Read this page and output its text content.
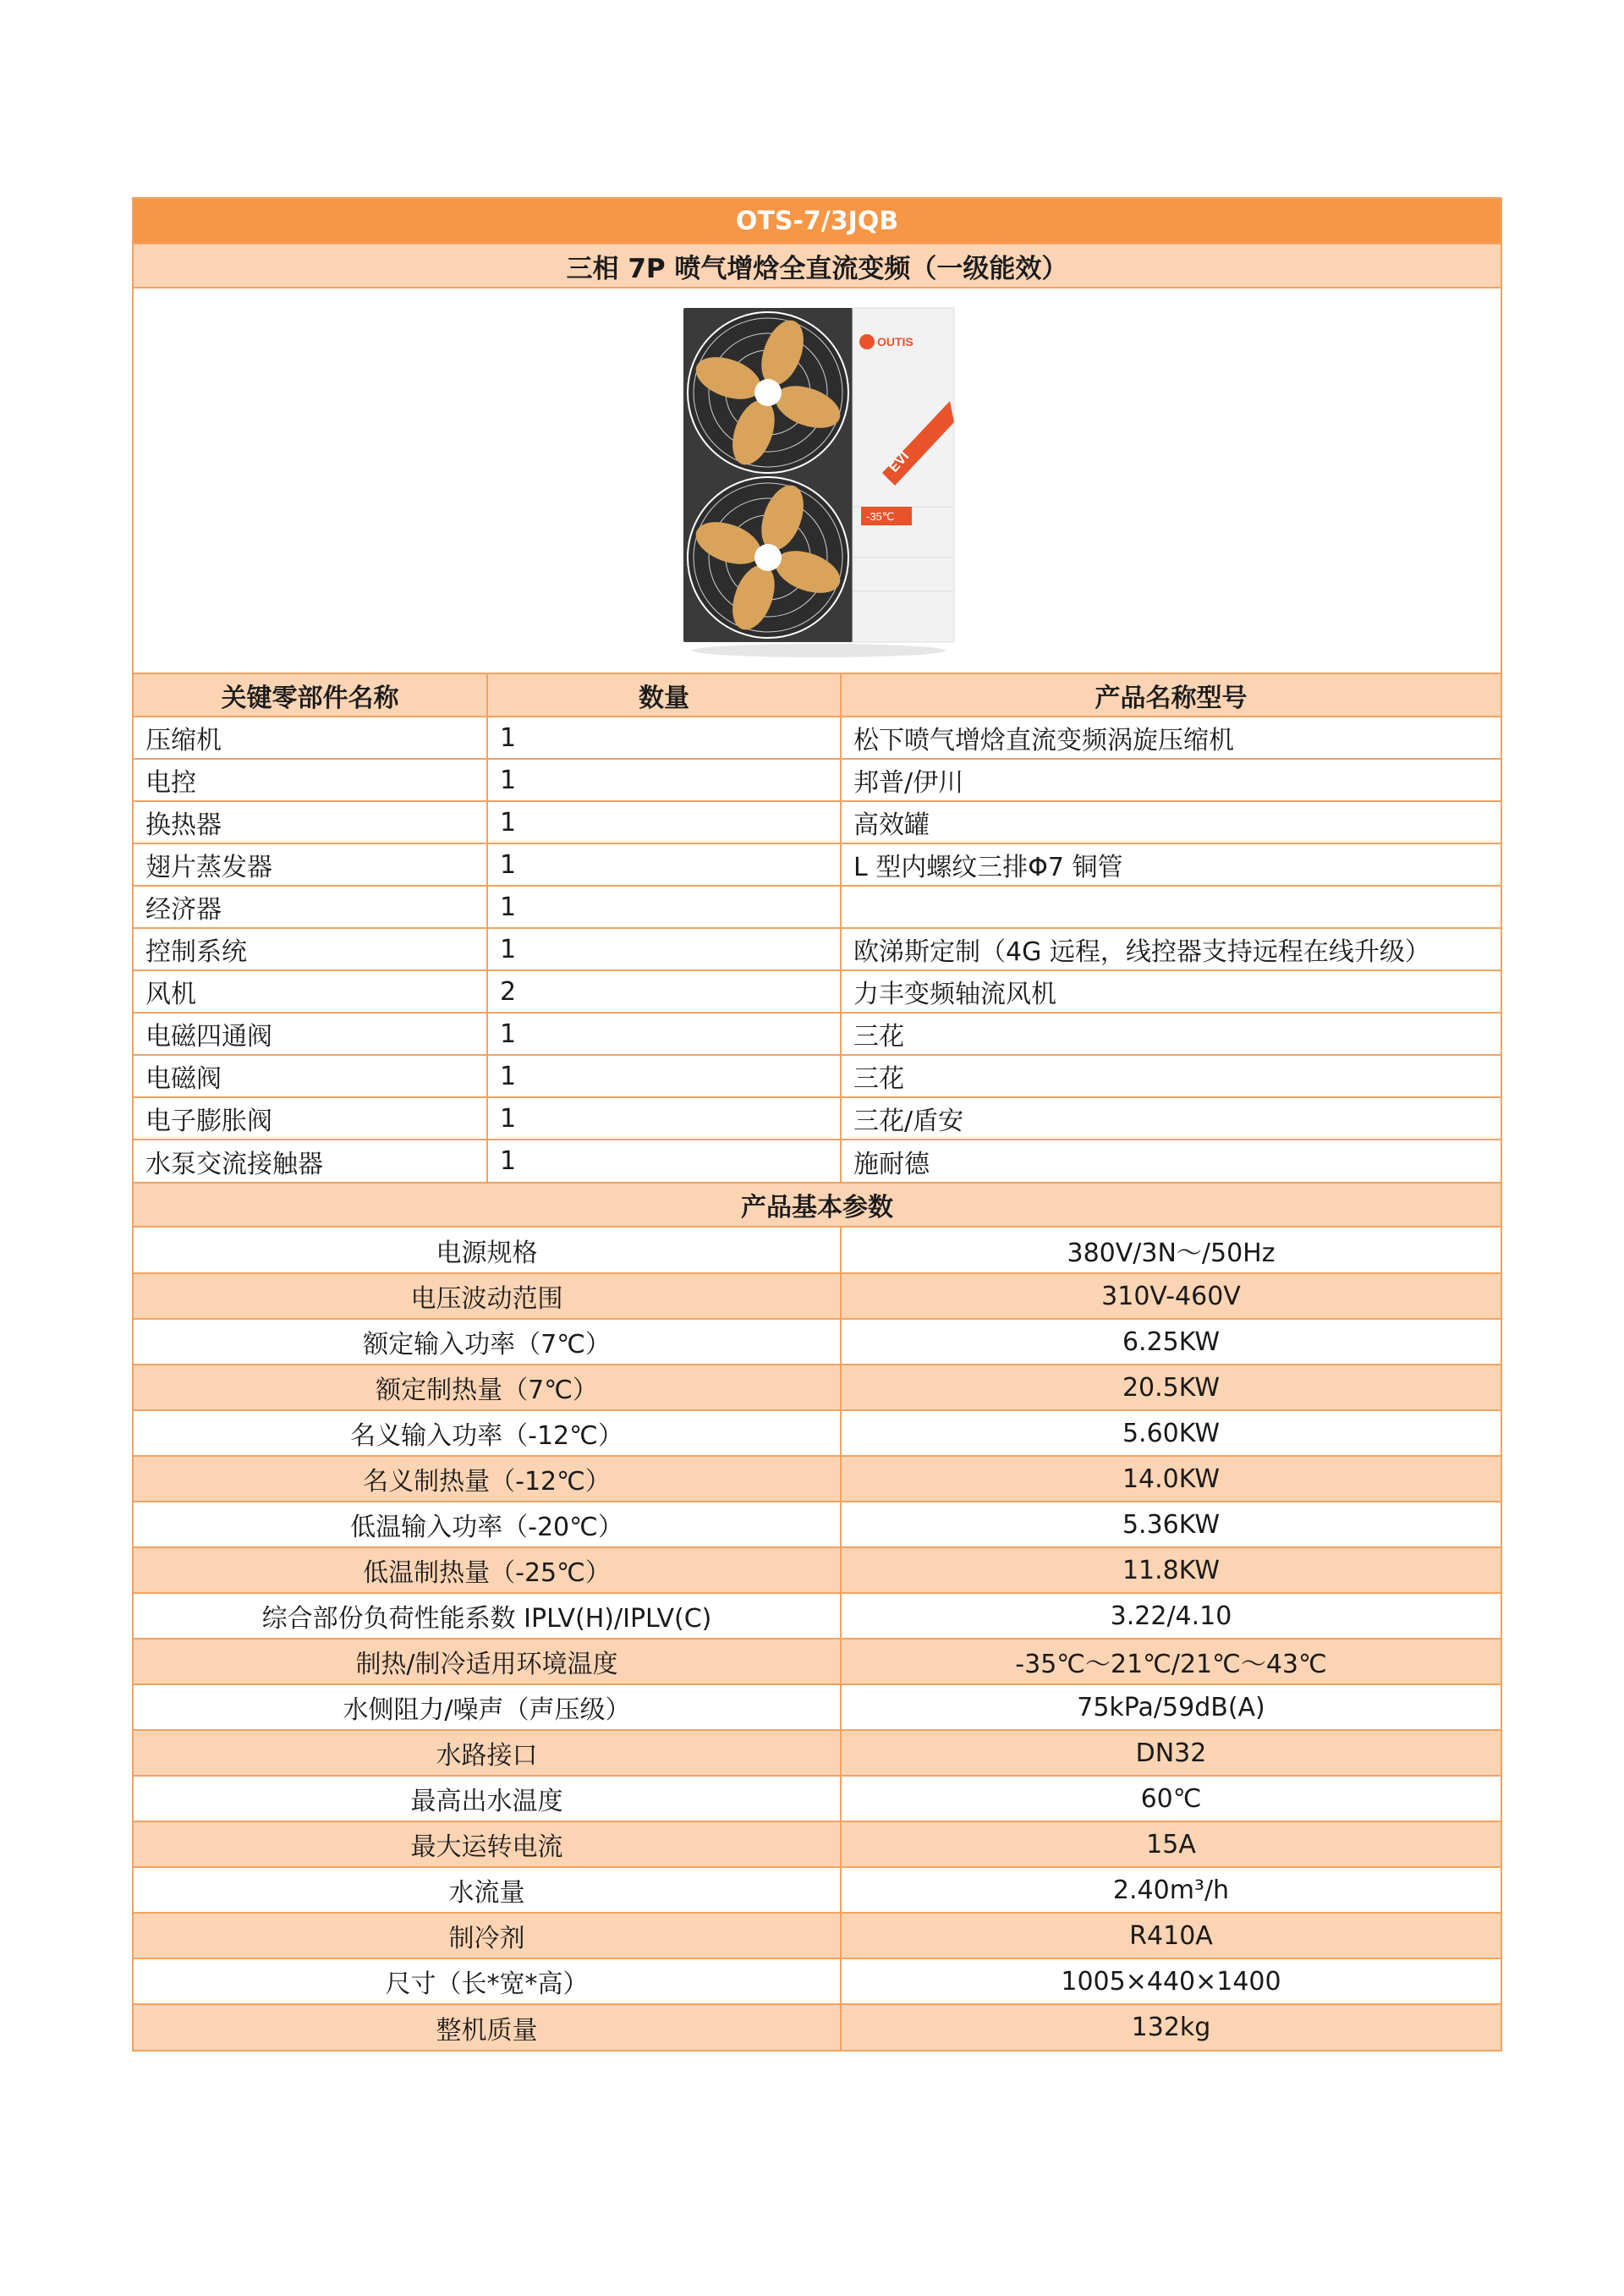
OTS-7/3JQB
三相 7P 喷气增焓全直流变频（一级能效）
OUTIS
EVI
-35℃
关键零部件名称	数量	产品名称型号
压缩机	1	松下喷气增焓直流变频涡旋压缩机
电控	1	邦普/伊川
换热器	1	高效罐
翅片蒸发器	1	L 型内螺纹三排Φ7 铜管
经济器	1	
控制系统	1	欧涕斯定制（4G 远程，线控器支持远程在线升级）
风机	2	力丰变频轴流风机
电磁四通阀	1	三花
电磁阀	1	三花
电子膨胀阀	1	三花/盾安
水泵交流接触器	1	施耐德
产品基本参数
电源规格	380V/3N～/50Hz
电压波动范围	310V-460V
额定输入功率（7℃）	6.25KW
额定制热量（7℃）	20.5KW
名义输入功率（-12℃）	5.60KW
名义制热量（-12℃）	14.0KW
低温输入功率（-20℃）	5.36KW
低温制热量（-25℃）	11.8KW
综合部份负荷性能系数 IPLV(H)/IPLV(C)	3.22/4.10
制热/制冷适用环境温度	-35℃～21℃/21℃～43℃
水侧阻力/噪声（声压级）	75kPa/59dB(A)
水路接口	DN32
最高出水温度	60℃
最大运转电流	15A
水流量	2.40m³/h
制冷剂	R410A
尺寸（长*宽*高）	1005×440×1400
整机质量	132kg
